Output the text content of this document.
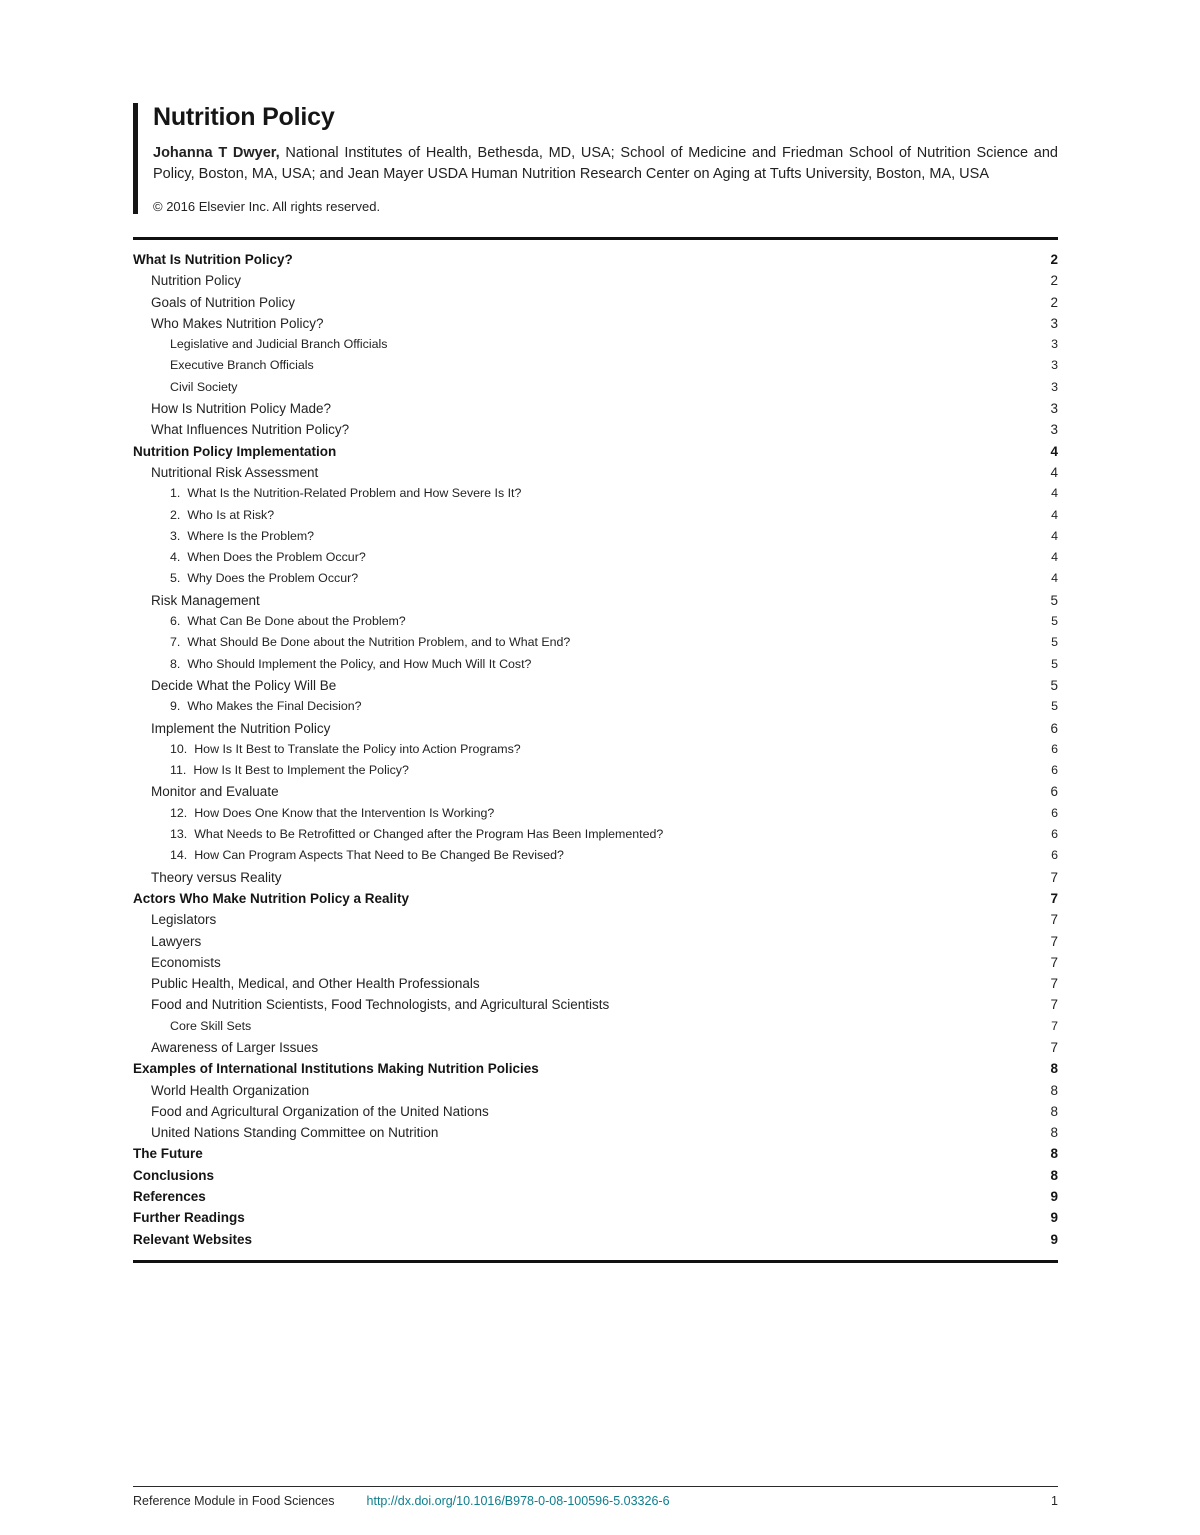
Nutrition Policy
Johanna T Dwyer, National Institutes of Health, Bethesda, MD, USA; School of Medicine and Friedman School of Nutrition Science and Policy, Boston, MA, USA; and Jean Mayer USDA Human Nutrition Research Center on Aging at Tufts University, Boston, MA, USA
© 2016 Elsevier Inc. All rights reserved.
What Is Nutrition Policy?	2
Nutrition Policy	2
Goals of Nutrition Policy	2
Who Makes Nutrition Policy?	3
Legislative and Judicial Branch Officials	3
Executive Branch Officials	3
Civil Society	3
How Is Nutrition Policy Made?	3
What Influences Nutrition Policy?	3
Nutrition Policy Implementation	4
Nutritional Risk Assessment	4
1. What Is the Nutrition-Related Problem and How Severe Is It?	4
2. Who Is at Risk?	4
3. Where Is the Problem?	4
4. When Does the Problem Occur?	4
5. Why Does the Problem Occur?	4
Risk Management	5
6. What Can Be Done about the Problem?	5
7. What Should Be Done about the Nutrition Problem, and to What End?	5
8. Who Should Implement the Policy, and How Much Will It Cost?	5
Decide What the Policy Will Be	5
9. Who Makes the Final Decision?	5
Implement the Nutrition Policy	6
10. How Is It Best to Translate the Policy into Action Programs?	6
11. How Is It Best to Implement the Policy?	6
Monitor and Evaluate	6
12. How Does One Know that the Intervention Is Working?	6
13. What Needs to Be Retrofitted or Changed after the Program Has Been Implemented?	6
14. How Can Program Aspects That Need to Be Changed Be Revised?	6
Theory versus Reality	7
Actors Who Make Nutrition Policy a Reality	7
Legislators	7
Lawyers	7
Economists	7
Public Health, Medical, and Other Health Professionals	7
Food and Nutrition Scientists, Food Technologists, and Agricultural Scientists	7
Core Skill Sets	7
Awareness of Larger Issues	7
Examples of International Institutions Making Nutrition Policies	8
World Health Organization	8
Food and Agricultural Organization of the United Nations	8
United Nations Standing Committee on Nutrition	8
The Future	8
Conclusions	8
References	9
Further Readings	9
Relevant Websites	9
Reference Module in Food Sciences	http://dx.doi.org/10.1016/B978-0-08-100596-5.03326-6	1
